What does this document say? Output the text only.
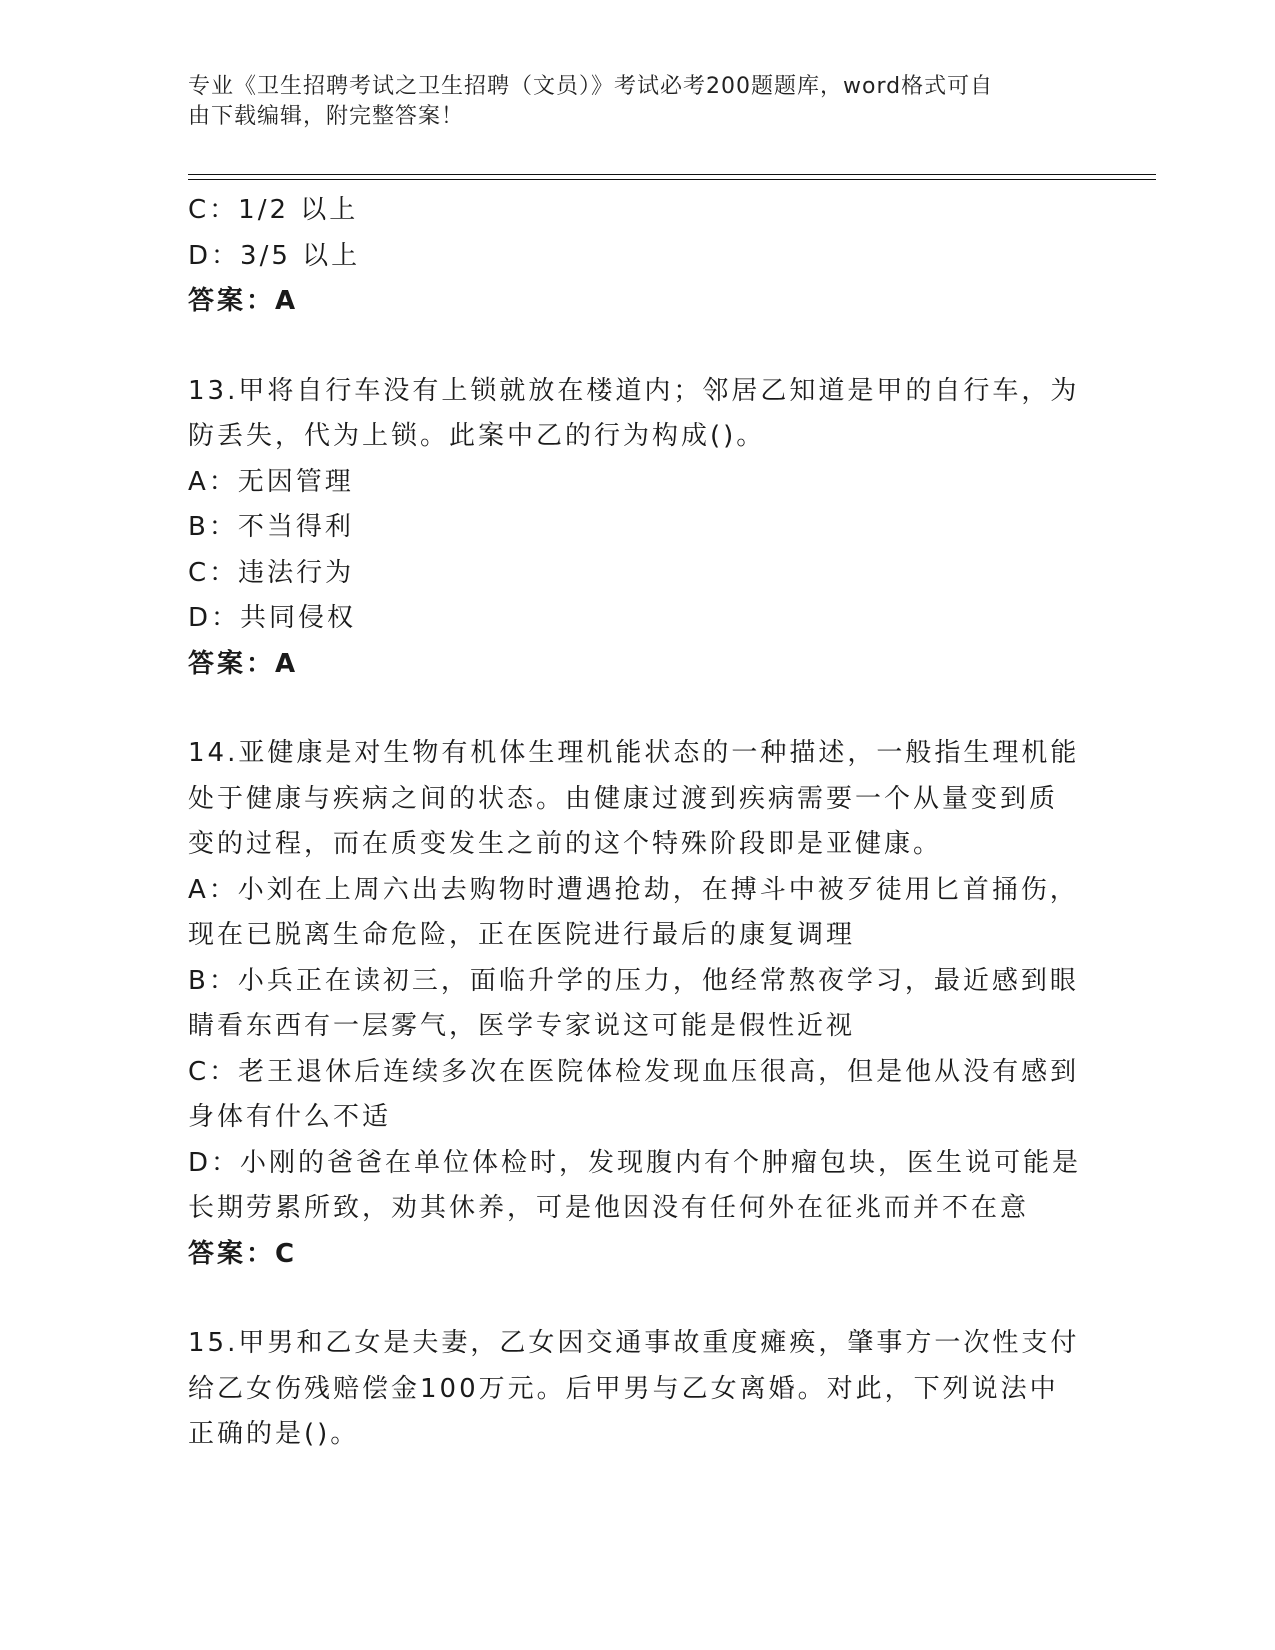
专业《卫生招聘考试之卫生招聘（文员）》考试必考200题题库，word格式可自
由下载编辑，附完整答案！
C：1/2 以上
D：3/5 以上
答案：A
13.甲将自行车没有上锁就放在楼道内；邻居乙知道是甲的自行车，为
防丢失，代为上锁。此案中乙的行为构成()。
A：无因管理
B：不当得利
C：违法行为
D：共同侵权
答案：A
14.亚健康是对生物有机体生理机能状态的一种描述，一般指生理机能
处于健康与疾病之间的状态。由健康过渡到疾病需要一个从量变到质
变的过程，而在质变发生之前的这个特殊阶段即是亚健康。
A：小刘在上周六出去购物时遭遇抢劫，在搏斗中被歹徒用匕首捅伤，
现在已脱离生命危险，正在医院进行最后的康复调理
B：小兵正在读初三，面临升学的压力，他经常熬夜学习，最近感到眼
睛看东西有一层雾气，医学专家说这可能是假性近视
C：老王退休后连续多次在医院体检发现血压很高，但是他从没有感到
身体有什么不适
D：小刚的爸爸在单位体检时，发现腹内有个肿瘤包块，医生说可能是
长期劳累所致，劝其休养，可是他因没有任何外在征兆而并不在意
答案：C
15.甲男和乙女是夫妻，乙女因交通事故重度瘫痪，肇事方一次性支付
给乙女伤残赔偿金100万元。后甲男与乙女离婚。对此，下列说法中
正确的是()。
